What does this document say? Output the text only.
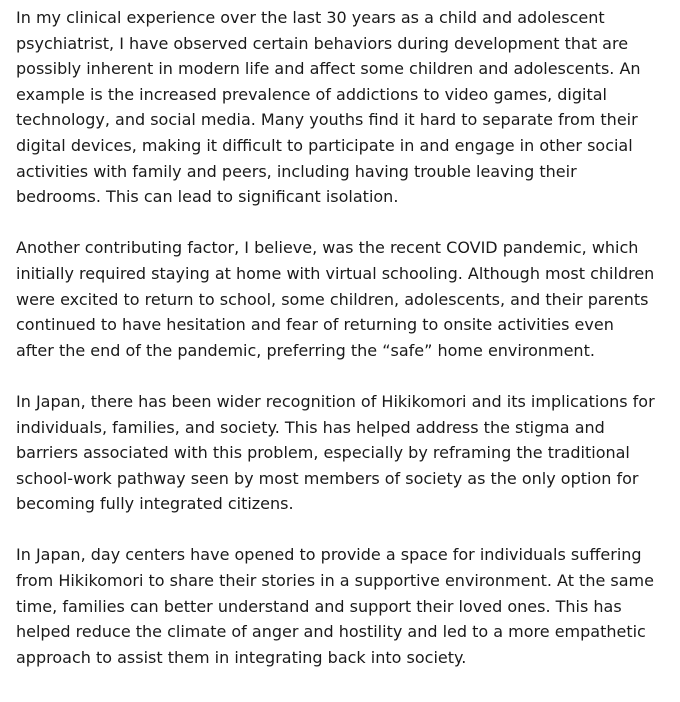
In my clinical experience over the last 30 years as a child and adolescent psychiatrist, I have observed certain behaviors during development that are possibly inherent in modern life and affect some children and adolescents. An example is the increased prevalence of addictions to video games, digital technology, and social media. Many youths find it hard to separate from their digital devices, making it difficult to participate in and engage in other social activities with family and peers, including having trouble leaving their bedrooms. This can lead to significant isolation.

Another contributing factor, I believe, was the recent COVID pandemic, which initially required staying at home with virtual schooling. Although most children were excited to return to school, some children, adolescents, and their parents continued to have hesitation and fear of returning to onsite activities even after the end of the pandemic, preferring the “safe” home environment.

In Japan, there has been wider recognition of Hikikomori and its implications for individuals, families, and society. This has helped address the stigma and barriers associated with this problem, especially by reframing the traditional school-work pathway seen by most members of society as the only option for becoming fully integrated citizens.

In Japan, day centers have opened to provide a space for individuals suffering from Hikikomori to share their stories in a supportive environment. At the same time, families can better understand and support their loved ones. This has helped reduce the climate of anger and hostility and led to a more empathetic approach to assist them in integrating back into society.
